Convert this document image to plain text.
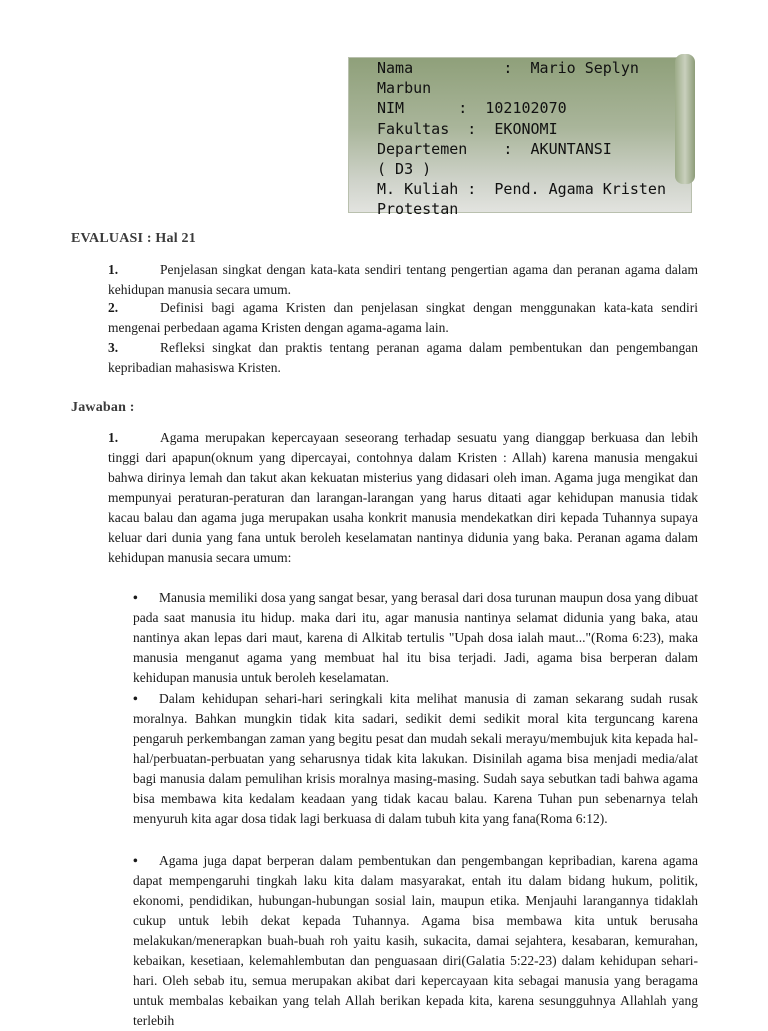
Nama          :  Mario Seplyn
Marbun
NIM      :  102102070
Fakultas  :  EKONOMI
Departemen    :  AKUNTANSI
( D3 )
M. Kuliah :  Pend. Agama Kristen
Protestan
EVALUASI : Hal 21
1.	Penjelasan singkat dengan kata-kata sendiri tentang pengertian agama dan peranan agama dalam kehidupan manusia secara umum.
2.	Definisi bagi agama Kristen dan penjelasan singkat dengan menggunakan kata-kata sendiri mengenai perbedaan agama Kristen dengan agama-agama lain.
3.	Refleksi singkat dan praktis tentang peranan agama dalam pembentukan dan pengembangan kepribadian mahasiswa Kristen.
Jawaban :
1.	Agama merupakan kepercayaan seseorang terhadap sesuatu yang dianggap berkuasa dan lebih tinggi dari apapun(oknum yang dipercayai, contohnya dalam Kristen : Allah) karena manusia mengakui bahwa dirinya lemah dan takut akan kekuatan misterius yang didasari oleh iman. Agama juga mengikat dan mempunyai peraturan-peraturan dan larangan-larangan yang harus ditaati agar kehidupan manusia tidak kacau balau dan agama juga merupakan usaha konkrit manusia mendekatkan diri kepada Tuhannya supaya keluar dari dunia yang fana untuk beroleh keselamatan nantinya didunia yang baka. Peranan agama dalam kehidupan manusia secara umum:
• Manusia memiliki dosa yang sangat besar, yang berasal dari dosa turunan maupun dosa yang dibuat pada saat manusia itu hidup. maka dari itu, agar manusia nantinya selamat didunia yang baka, atau nantinya akan lepas dari maut, karena di Alkitab tertulis "Upah dosa ialah maut..."(Roma 6:23), maka manusia menganut agama yang membuat hal itu bisa terjadi. Jadi, agama bisa berperan dalam kehidupan manusia untuk beroleh keselamatan.
• Dalam kehidupan sehari-hari seringkali kita melihat manusia di zaman sekarang sudah rusak moralnya. Bahkan mungkin tidak kita sadari, sedikit demi sedikit moral kita terguncang karena pengaruh perkembangan zaman yang begitu pesat dan mudah sekali merayu/membujuk kita kepada hal-hal/perbuatan-perbuatan yang seharusnya tidak kita lakukan. Disinilah agama bisa menjadi media/alat bagi manusia dalam pemulihan krisis moralnya masing-masing. Sudah saya sebutkan tadi bahwa agama bisa membawa kita kedalam keadaan yang tidak kacau balau. Karena Tuhan pun sebenarnya telah menyuruh kita agar dosa tidak lagi berkuasa di dalam tubuh kita yang fana(Roma 6:12).
• Agama juga dapat berperan dalam pembentukan dan pengembangan kepribadian, karena agama dapat mempengaruhi tingkah laku kita dalam masyarakat, entah itu dalam bidang hukum, politik, ekonomi, pendidikan, hubungan-hubungan sosial lain, maupun etika. Menjauhi larangannya tidaklah cukup untuk lebih dekat kepada Tuhannya. Agama bisa membawa kita untuk berusaha melakukan/menerapkan buah-buah roh yaitu kasih, sukacita, damai sejahtera, kesabaran, kemurahan, kebaikan, kesetiaan, kelemahlembutan dan penguasaan diri(Galatia 5:22-23) dalam kehidupan sehari-hari. Oleh sebab itu, semua merupakan akibat dari kepercayaan kita sebagai manusia yang beragama untuk membalas kebaikan yang telah Allah berikan kepada kita, karena sesungguhnya Allahlah yang terlebih
